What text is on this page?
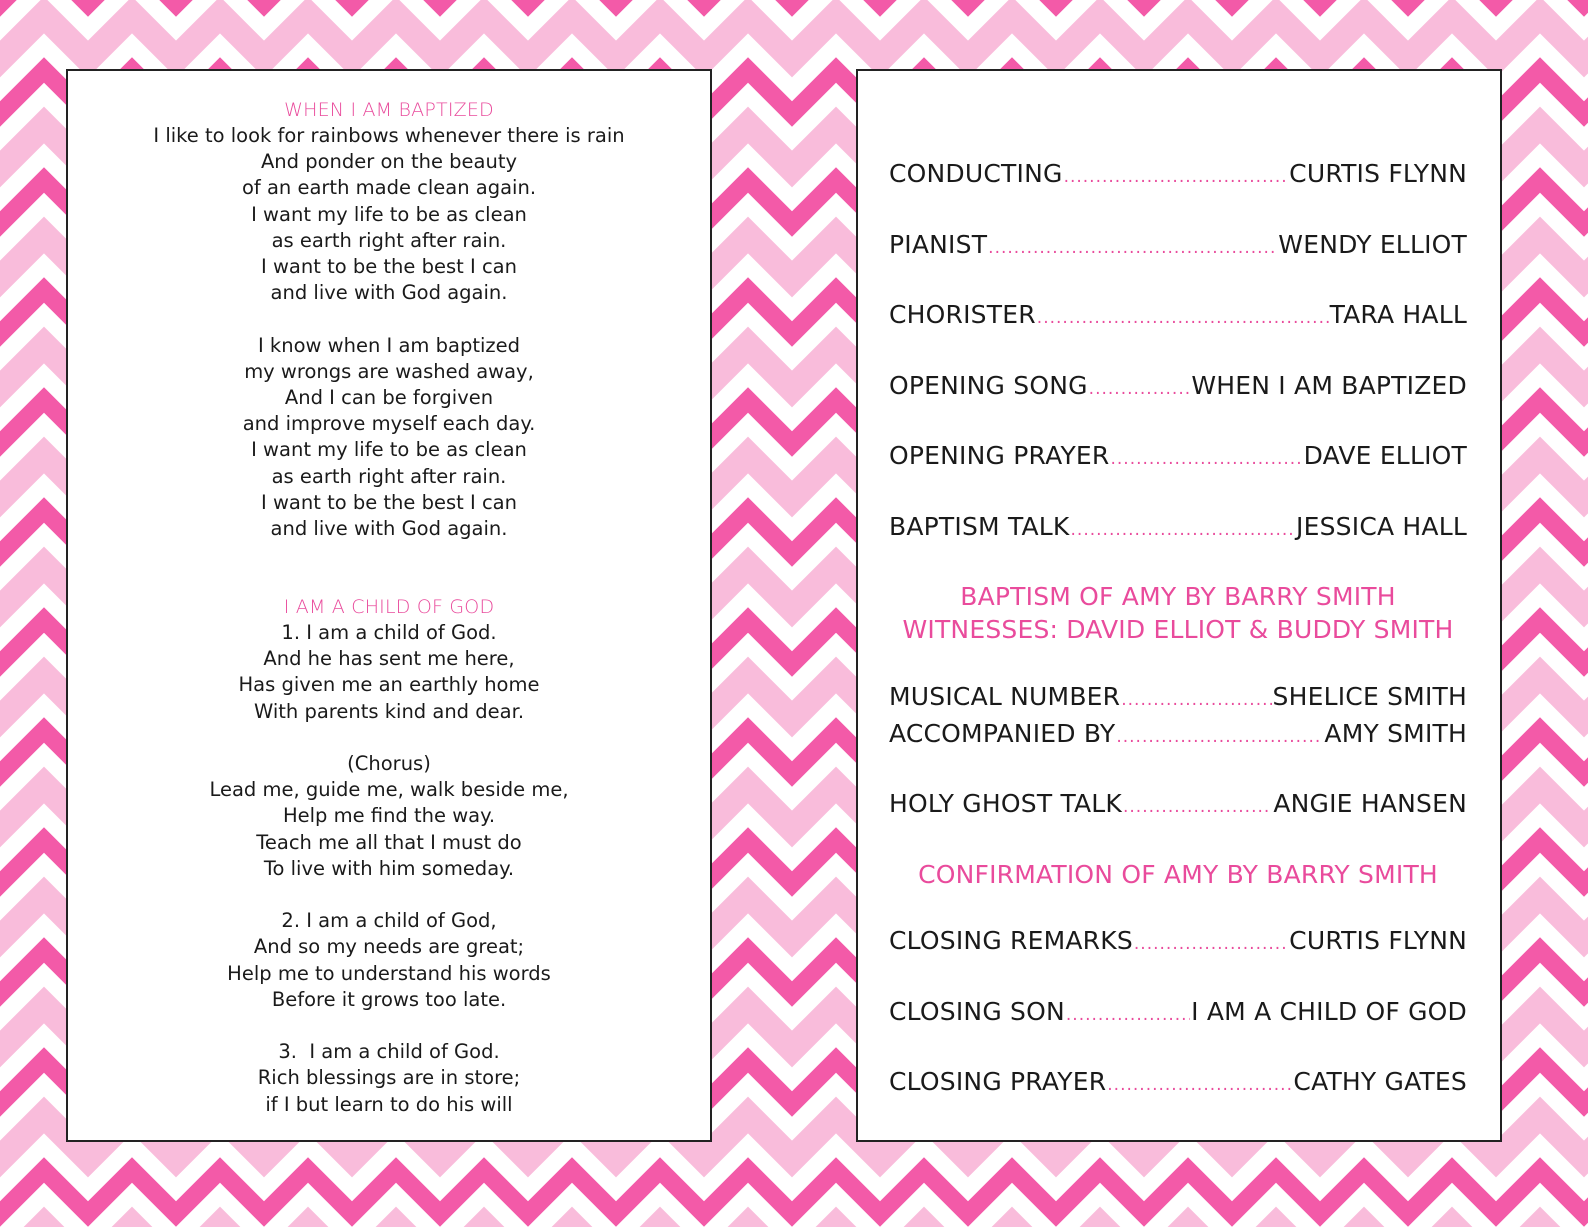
WHEN I AM BAPTIZED
I like to look for rainbows whenever there is rain
And ponder on the beauty
of an earth made clean again.
I want my life to be as clean
as earth right after rain.
I want to be the best I can
and live with God again.
I know when I am baptized
my wrongs are washed away,
And I can be forgiven
and improve myself each day.
I want my life to be as clean
as earth right after rain.
I want to be the best I can
and live with God again.
I AM A CHILD OF GOD
1. I am a child of God.
And he has sent me here,
Has given me an earthly home
With parents kind and dear.
(Chorus)
Lead me, guide me, walk beside me,
Help me find the way.
Teach me all that I must do
To live with him someday.
2. I am a child of God,
And so my needs are great;
Help me to understand his words
Before it grows too late.
3.  I am a child of God.
Rich blessings are in store;
if I but learn to do his will
CONDUCTING .....	CURTIS FLYNN
PIANIST .....	WENDY ELLIOT
CHORISTER .....	TARA HALL
OPENING SONG .....	WHEN I AM BAPTIZED
OPENING PRAYER .....	DAVE ELLIOT
BAPTISM TALK .....	JESSICA HALL
BAPTISM OF AMY BY BARRY SMITH
WITNESSES: DAVID ELLIOT & BUDDY SMITH
MUSICAL NUMBER .....	SHELICE SMITH
ACCOMPANIED BY .....	AMY SMITH
HOLY GHOST TALK .....	ANGIE HANSEN
CONFIRMATION OF AMY BY BARRY SMITH
CLOSING REMARKS .....	CURTIS FLYNN
CLOSING SON .....	I AM A CHILD OF GOD
CLOSING PRAYER .....	CATHY GATES
